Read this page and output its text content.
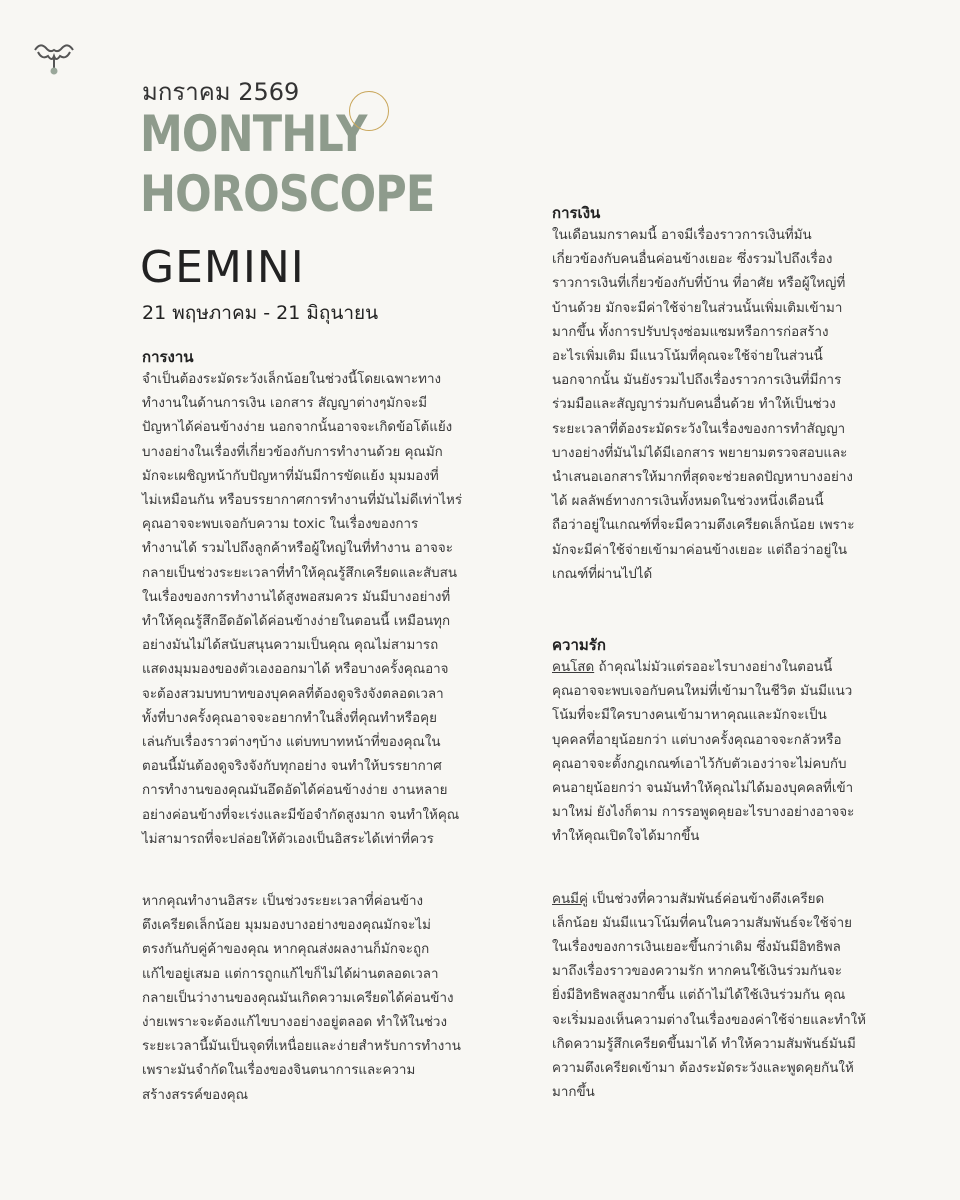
มกราคม 2569
MONTHLY
HOROSCOPE
GEMINI
21 พฤษภาคม - 21 มิถุนายน
การงาน

จำเป็นต้องระมัดระวังเล็กน้อยในช่วงนี้โดยเฉพาะทาง
ทำงานในด้านการเงิน เอกสาร สัญญาต่างๆมักจะมี
ปัญหาได้ค่อนข้างง่าย นอกจากนั้นอาจจะเกิดข้อโต้แย้ง
บางอย่างในเรื่องที่เกี่ยวข้องกับการทำงานด้วย คุณมัก
มักจะเผชิญหน้ากับปัญหาที่มันมีการขัดแย้ง มุมมองที่
ไม่เหมือนกัน หรือบรรยากาศการทำงานที่มันไม่ดีเท่าไหร่
คุณอาจจะพบเจอกับความ toxic ในเรื่องของการ
ทำงานได้ รวมไปถึงลูกค้าหรือผู้ใหญ่ในที่ทำงาน อาจจะ
กลายเป็นช่วงระยะเวลาที่ทำให้คุณรู้สึกเครียดและสับสน
ในเรื่องของการทำงานได้สูงพอสมควร มันมีบางอย่างที่
ทำให้คุณรู้สึกอึดอัดได้ค่อนข้างง่ายในตอนนี้ เหมือนทุก
อย่างมันไม่ได้สนับสนุนความเป็นคุณ คุณไม่สามารถ
แสดงมุมมองของตัวเองออกมาได้ หรือบางครั้งคุณอาจ
จะต้องสวมบทบาทของบุคคลที่ต้องดูจริงจังตลอดเวลา
ทั้งที่บางครั้งคุณอาจจะอยากทำในสิ่งที่คุณทำหรือคุย
เล่นกับเรื่องราวต่างๆบ้าง แต่บทบาทหน้าที่ของคุณใน
ตอนนี้มันต้องดูจริงจังกับทุกอย่าง จนทำให้บรรยากาศ
การทำงานของคุณมันอึดอัดได้ค่อนข้างง่าย งานหลาย
อย่างค่อนข้างที่จะเร่งและมีข้อจำกัดสูงมาก จนทำให้คุณ
ไม่สามารถที่จะปล่อยให้ตัวเองเป็นอิสระได้เท่าที่ควร

หากคุณทำงานอิสระ เป็นช่วงระยะเวลาที่ค่อนข้าง
ตึงเครียดเล็กน้อย มุมมองบางอย่างของคุณมักจะไม่
ตรงกันกับคู่ค้าของคุณ หากคุณส่งผลงานก็มักจะถูก
แก้ไขอยู่เสมอ แต่การถูกแก้ไขก็ไม่ได้ผ่านตลอดเวลา
กลายเป็นว่างานของคุณมันเกิดความเครียดได้ค่อนข้าง
ง่ายเพราะจะต้องแก้ไขบางอย่างอยู่ตลอด ทำให้ในช่วง
ระยะเวลานี้มันเป็นจุดที่เหนื่อยและง่ายสำหรับการทำงาน
เพราะมันจำกัดในเรื่องของจินตนาการและความ
สร้างสรรค์ของคุณ

การเงิน

ในเดือนมกราคมนี้ อาจมีเรื่องราวการเงินที่มัน
เกี่ยวข้องกับคนอื่นค่อนข้างเยอะ ซึ่งรวมไปถึงเรื่อง
ราวการเงินที่เกี่ยวข้องกับที่บ้าน ที่อาศัย หรือผู้ใหญ่ที่
บ้านด้วย มักจะมีค่าใช้จ่ายในส่วนนั้นเพิ่มเติมเข้ามา
มากขึ้น ทั้งการปรับปรุงซ่อมแซมหรือการก่อสร้าง
อะไรเพิ่มเติม มีแนวโน้มที่คุณจะใช้จ่ายในส่วนนี้
นอกจากนั้น มันยังรวมไปถึงเรื่องราวการเงินที่มีการ
ร่วมมือและสัญญาร่วมกับคนอื่นด้วย ทำให้เป็นช่วง
ระยะเวลาที่ต้องระมัดระวังในเรื่องของการทำสัญญา
บางอย่างที่มันไม่ได้มีเอกสาร พยายามตรวจสอบและ
นำเสนอเอกสารให้มากที่สุดจะช่วยลดปัญหาบางอย่าง
ได้ ผลลัพธ์ทางการเงินทั้งหมดในช่วงหนึ่งเดือนนี้
ถือว่าอยู่ในเกณฑ์ที่จะมีความตึงเครียดเล็กน้อย เพราะ
มักจะมีค่าใช้จ่ายเข้ามาค่อนข้างเยอะ แต่ถือว่าอยู่ใน
เกณฑ์ที่ผ่านไปได้

ความรัก

คนโสด ถ้าคุณไม่มัวแต่รออะไรบางอย่างในตอนนี้
คุณอาจจะพบเจอกับคนใหม่ที่เข้ามาในชีวิต มันมีแนว
โน้มที่จะมีใครบางคนเข้ามาหาคุณและมักจะเป็น
บุคคลที่อายุน้อยกว่า แต่บางครั้งคุณอาจจะกลัวหรือ
คุณอาจจะตั้งกฎเกณฑ์เอาไว้กับตัวเองว่าจะไม่คบกับ
คนอายุน้อยกว่า จนมันทำให้คุณไม่ได้มองบุคคลที่เข้า
มาใหม่ ยังไงก็ตาม การรอพูดคุยอะไรบางอย่างอาจจะ
ทำให้คุณเปิดใจได้มากขึ้น

คนมีคู่ เป็นช่วงที่ความสัมพันธ์ค่อนข้างตึงเครียด
เล็กน้อย มันมีแนวโน้มที่คนในความสัมพันธ์จะใช้จ่าย
ในเรื่องของการเงินเยอะขึ้นกว่าเดิม ซึ่งมันมีอิทธิพล
มาถึงเรื่องราวของความรัก หากคนใช้เงินร่วมกันจะ
ยิ่งมีอิทธิพลสูงมากขึ้น แต่ถ้าไม่ได้ใช้เงินร่วมกัน คุณ
จะเริ่มมองเห็นความต่างในเรื่องของค่าใช้จ่ายและทำให้
เกิดความรู้สึกเครียดขึ้นมาได้ ทำให้ความสัมพันธ์มันมี
ความตึงเครียดเข้ามา ต้องระมัดระวังและพูดคุยกันให้
มากขึ้น
